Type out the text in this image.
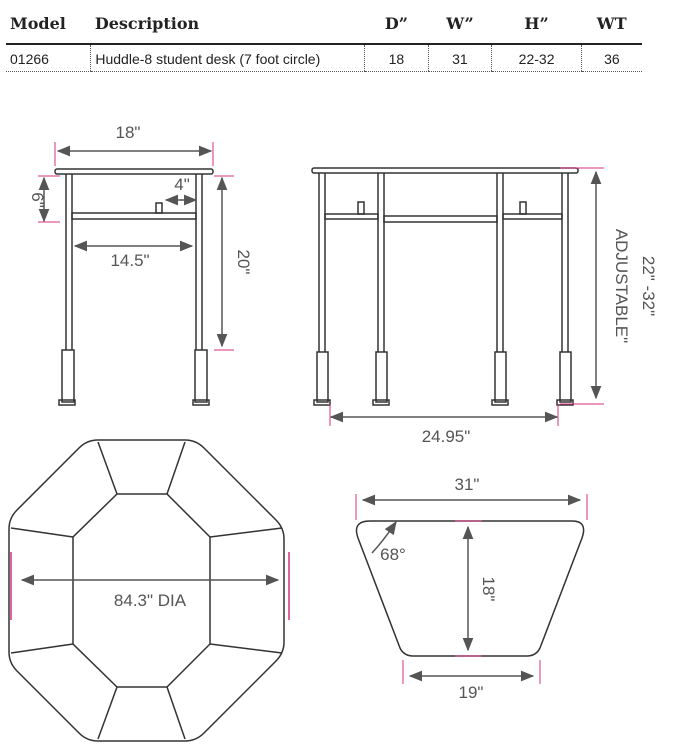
Model	Description	D”	W”	H”	WT
01266	Huddle-8 student desk (7 foot circle)	18	31	22-32	36
18"
6"
4"
14.5"	20"
24.95"
22" -32"
ADJUSTABLE"
84.3" DIA
31"
18"
19"
68°
